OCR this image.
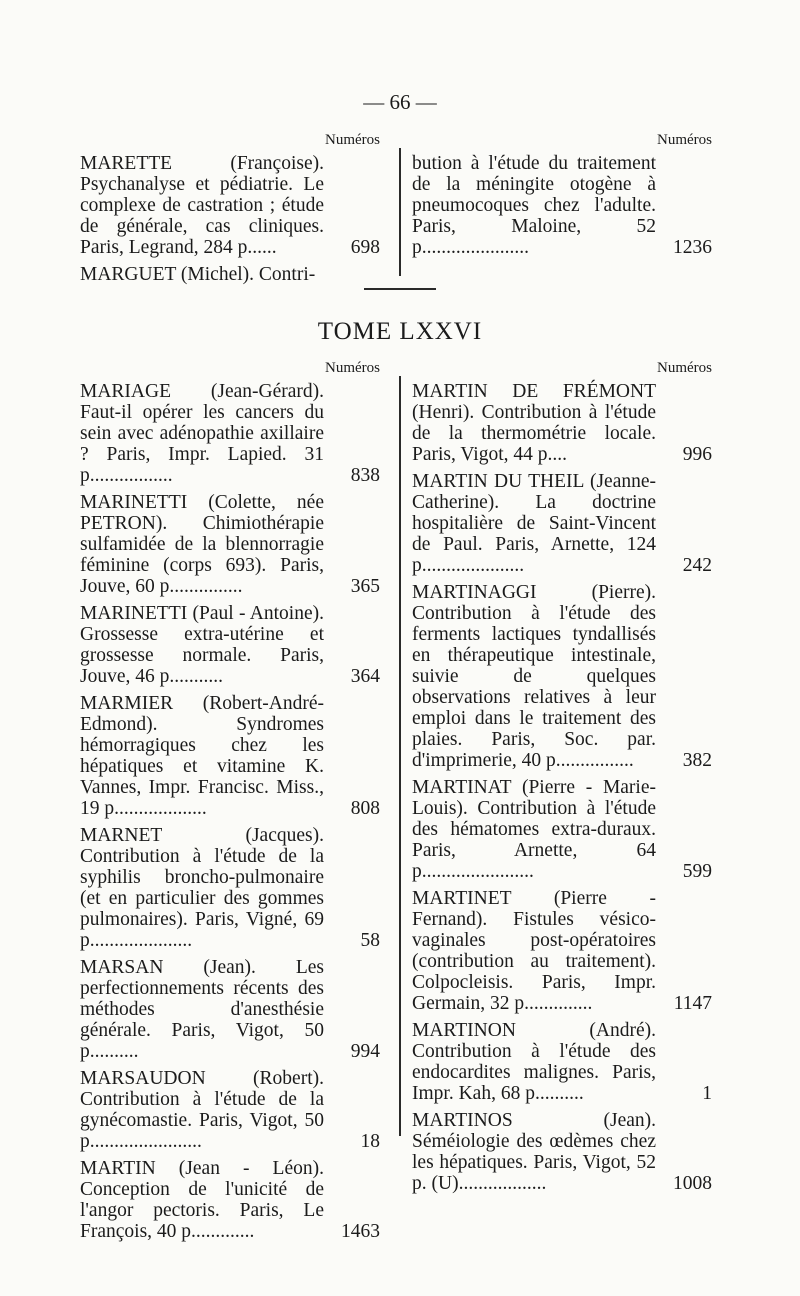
— 66 —
Numéros
MARETTE (Françoise). Psychanalyse et pédiatrie. Le complexe de castration ; étude de générale, cas cliniques. Paris, Legrand, 284 p......	698
MARGUET (Michel). Contri-
Numéros
bution à l'étude du traitement de la méningite otogène à pneumocoques chez l'adulte. Paris, Maloine, 52 p......................	1236
TOME LXXVI
Numéros
MARIAGE (Jean-Gérard). Faut-il opérer les cancers du sein avec adénopathie axillaire ? Paris, Impr. Lapied. 31 p.................	838
MARINETTI (Colette, née PETRON). Chimiothérapie sulfamidée de la blennorragie féminine (corps 693). Paris, Jouve, 60 p...............	365
MARINETTI (Paul - Antoine). Grossesse extra-utérine et grossesse normale. Paris, Jouve, 46 p...........	364
MARMIER (Robert-André-Edmond). Syndromes hémorragiques chez les hépatiques et vitamine K. Vannes, Impr. Francisc. Miss., 19 p...................	808
MARNET (Jacques). Contribution à l'étude de la syphilis broncho-pulmonaire (et en particulier des gommes pulmonaires). Paris, Vigné, 69 p.....................	58
MARSAN (Jean). Les perfectionnements récents des méthodes d'anesthésie générale. Paris, Vigot, 50 p..........	994
MARSAUDON (Robert). Contribution à l'étude de la gynécomastie. Paris, Vigot, 50 p.......................	18
MARTIN (Jean - Léon). Conception de l'unicité de l'angor pectoris. Paris, Le François, 40 p.............	1463
Numéros
MARTIN DE FRÉMONT (Henri). Contribution à l'étude de la thermométrie locale. Paris, Vigot, 44 p....	996
MARTIN DU THEIL (Jeanne-Catherine). La doctrine hospitalière de Saint-Vincent de Paul. Paris, Arnette, 124 p.....................	242
MARTINAGGI (Pierre). Contribution à l'étude des ferments lactiques tyndallisés en thérapeutique intestinale, suivie de quelques observations relatives à leur emploi dans le traitement des plaies. Paris, Soc. par. d'imprimerie, 40 p................	382
MARTINAT (Pierre - Marie-Louis). Contribution à l'étude des hématomes extra-duraux. Paris, Arnette, 64 p.......................	599
MARTINET (Pierre - Fernand). Fistules vésico-vaginales post-opératoires (contribution au traitement). Colpocleisis. Paris, Impr. Germain, 32 p..............	1147
MARTINON (André). Contribution à l'étude des endocardites malignes. Paris, Impr. Kah, 68 p..........	1
MARTINOS (Jean). Séméiologie des œdèmes chez les hépatiques. Paris, Vigot, 52 p. (U)..................	1008
